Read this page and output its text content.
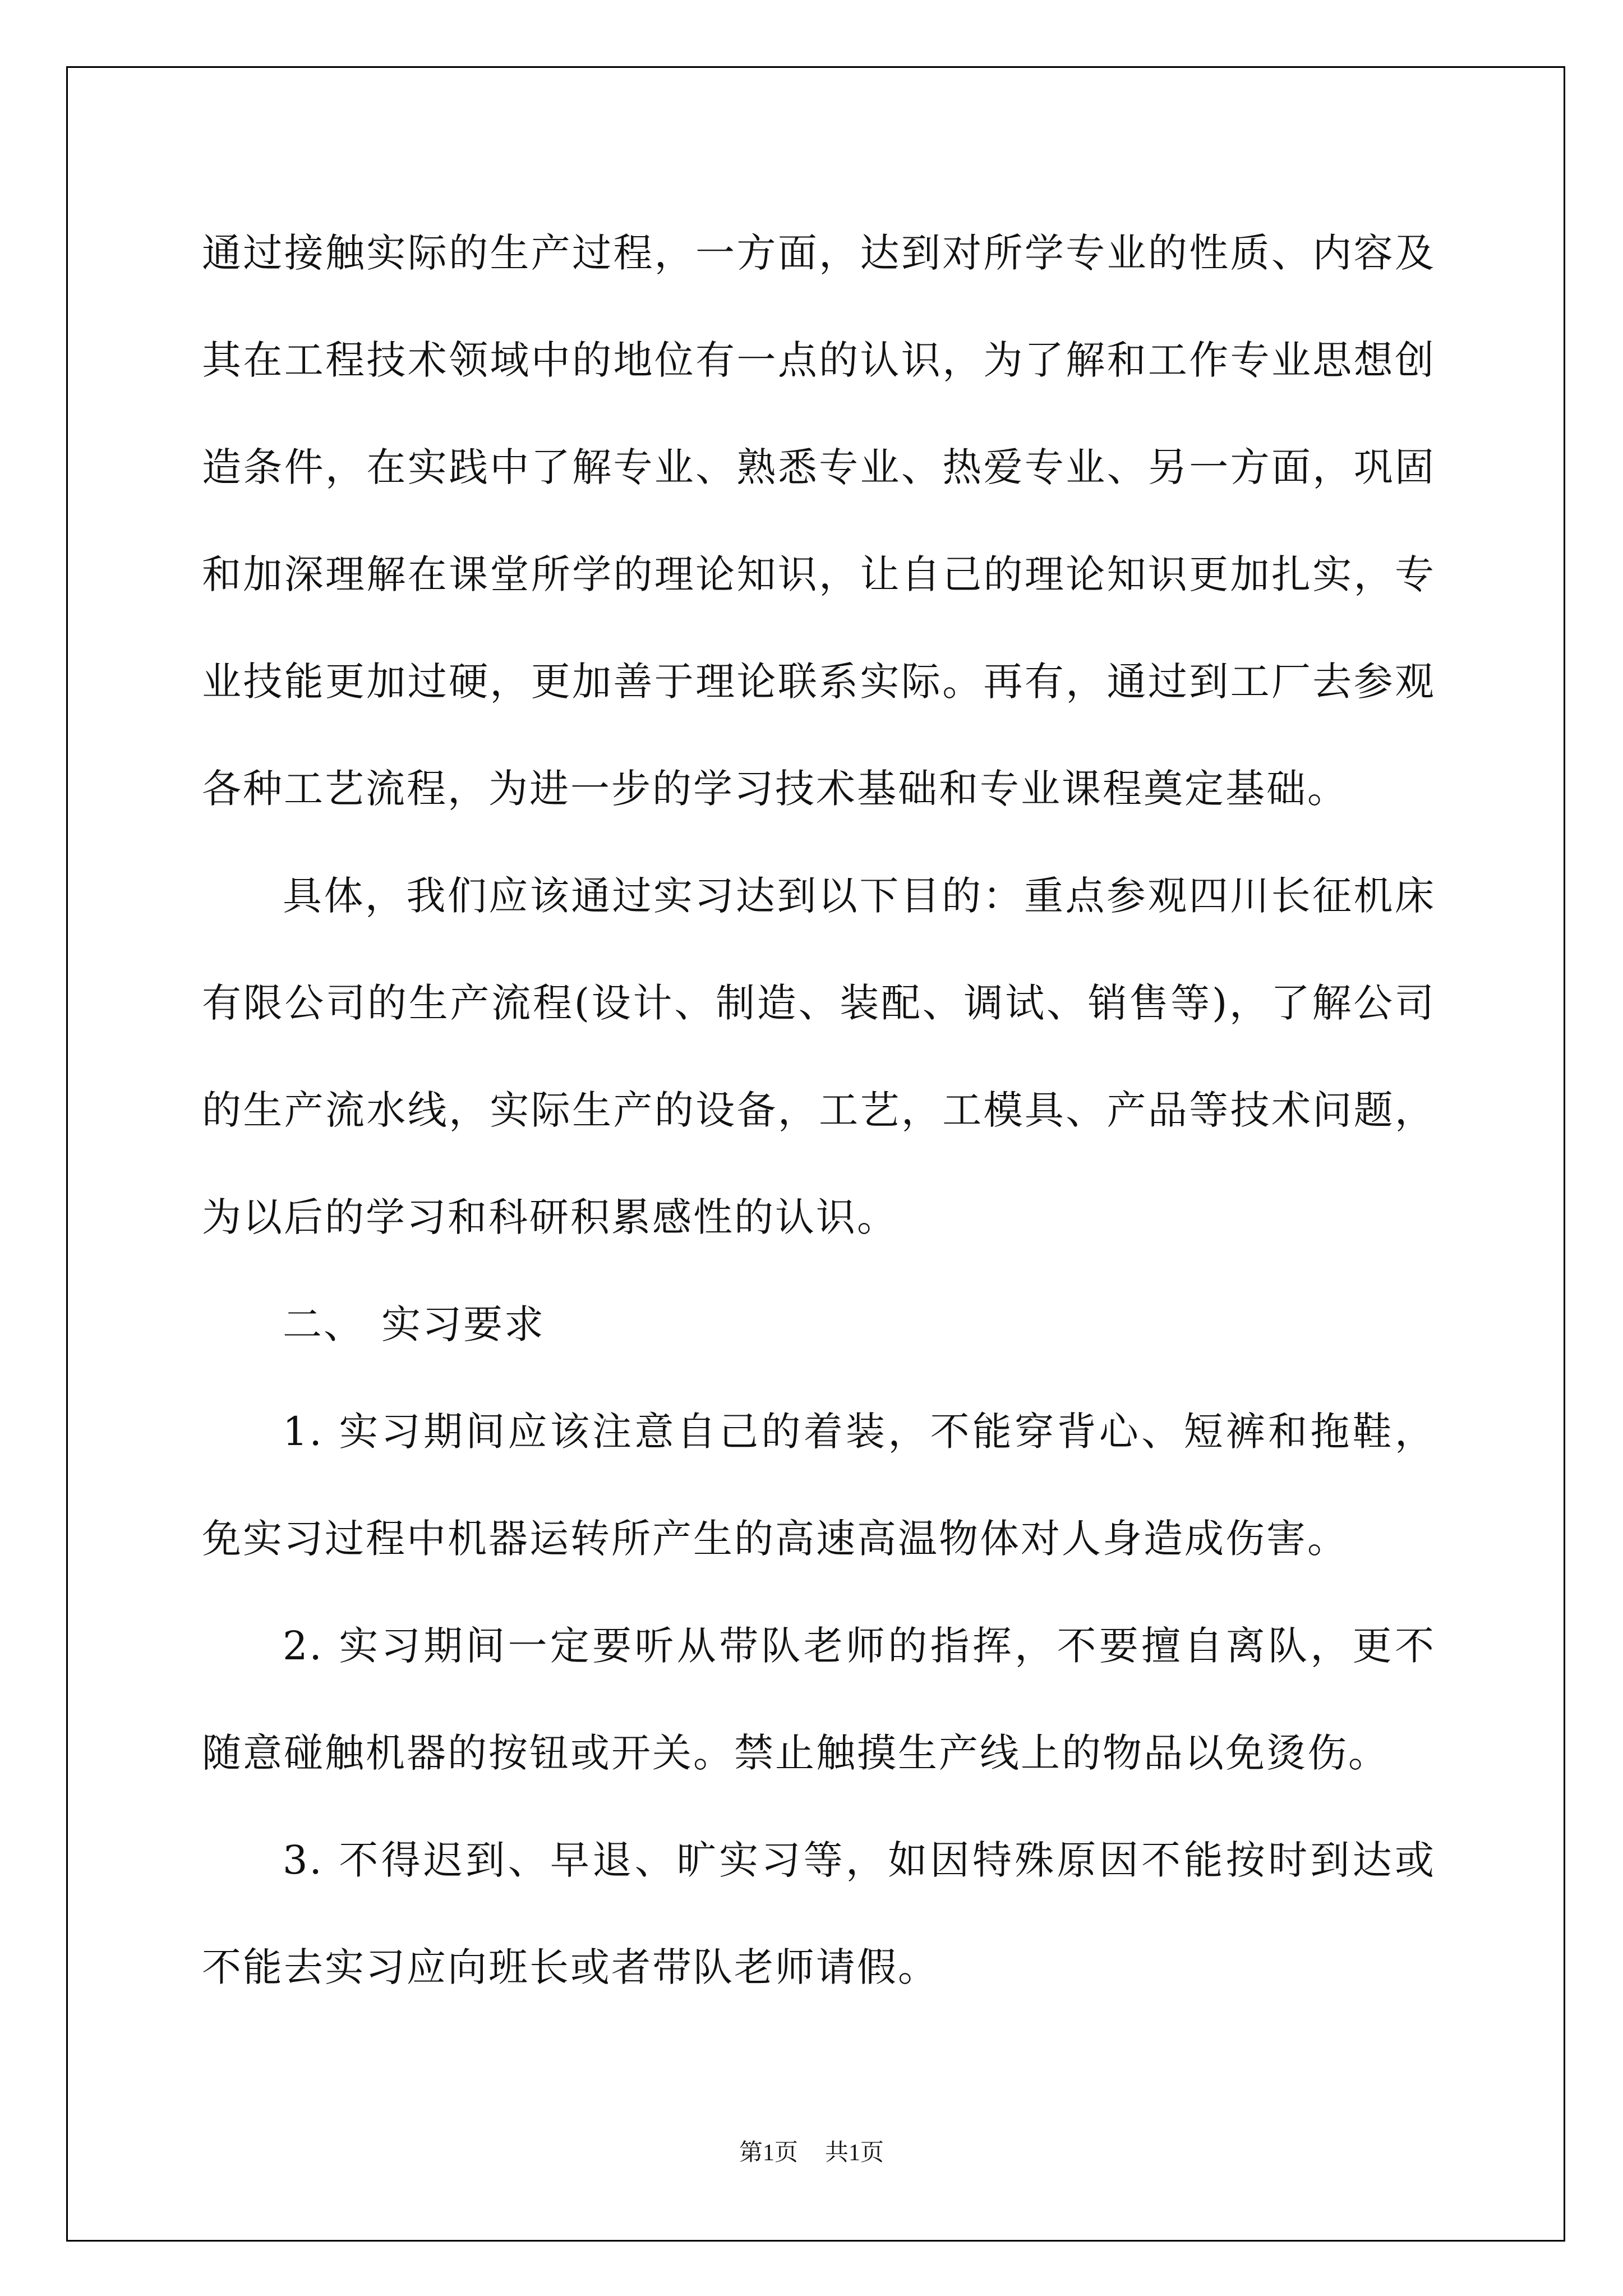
通过接触实际的生产过程，一方面，达到对所学专业的性质、内容及
其在工程技术领域中的地位有一点的认识，为了解和工作专业思想创
造条件，在实践中了解专业、熟悉专业、热爱专业、另一方面，巩固
和加深理解在课堂所学的理论知识，让自己的理论知识更加扎实，专
业技能更加过硬，更加善于理论联系实际。再有，通过到工厂去参观
各种工艺流程，为进一步的学习技术基础和专业课程奠定基础。
具体，我们应该通过实习达到以下目的：重点参观四川长征机床
有限公司的生产流程(设计、制造、装配、调试、销售等)，了解公司
的生产流水线，实际生产的设备，工艺，工模具、产品等技术问题，
为以后的学习和科研积累感性的认识。
二、 实习要求
1. 实习期间应该注意自己的着装，不能穿背心、短裤和拖鞋，
免实习过程中机器运转所产生的高速高温物体对人身造成伤害。
2. 实习期间一定要听从带队老师的指挥，不要擅自离队，更不
随意碰触机器的按钮或开关。禁止触摸生产线上的物品以免烫伤。
3. 不得迟到、早退、旷实习等，如因特殊原因不能按时到达或
不能去实习应向班长或者带队老师请假。
第1页 共1页
